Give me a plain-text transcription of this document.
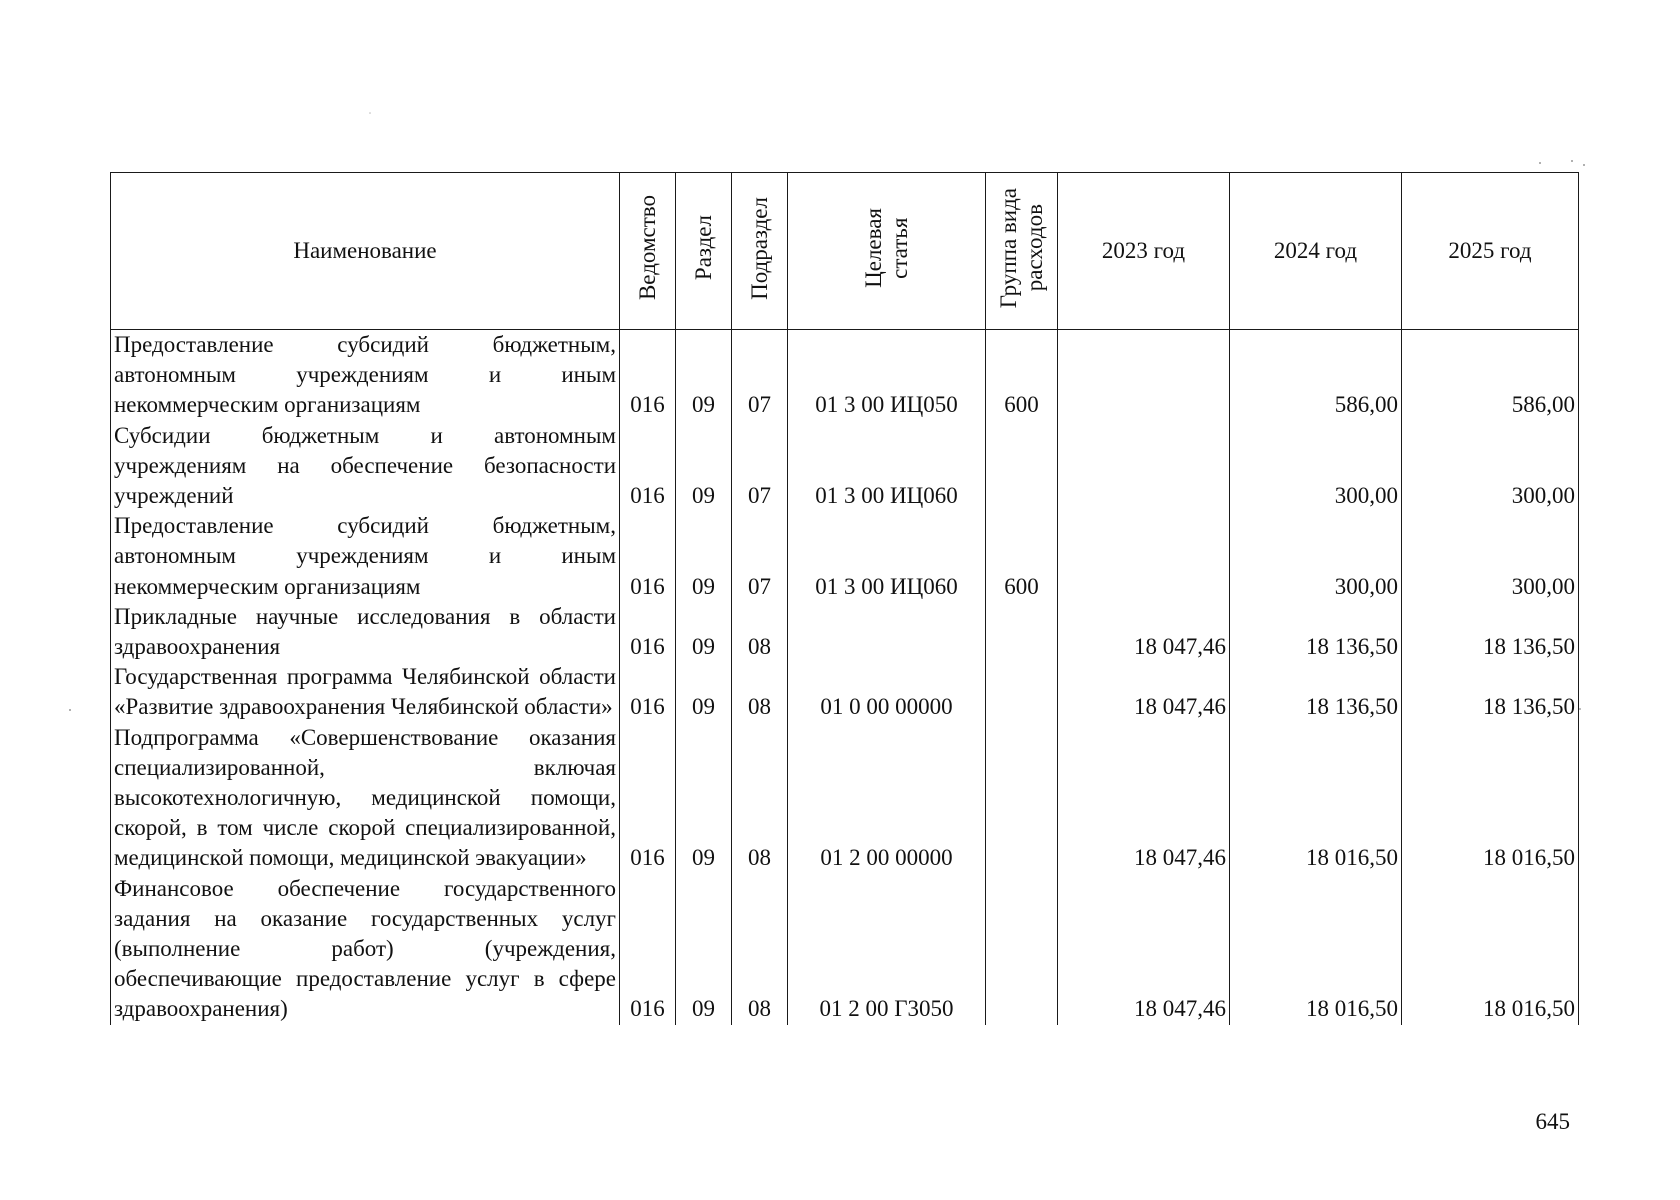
Наименование	Ведомство	Раздел	Подраздел	Целевая
статья	Группа вида
расходов	2023 год	2024 год	2025 год
Предоставление субсидий бюджетным, автономным учреждениям и иным некоммерческим организациям	016	09	07	01 3 00 ИЦ050	600		586,00	586,00
Субсидии бюджетным и автономным учреждениям на обеспечение безопасности учреждений	016	09	07	01 3 00 ИЦ060			300,00	300,00
Предоставление субсидий бюджетным, автономным учреждениям и иным некоммерческим организациям	016	09	07	01 3 00 ИЦ060	600		300,00	300,00
Прикладные научные исследования в области здравоохранения	016	09	08			18 047,46	18 136,50	18 136,50
Государственная программа Челябинской области «Развитие здравоохранения Челябинской области»	016	09	08	01 0 00 00000		18 047,46	18 136,50	18 136,50
Подпрограмма «Совершенствование оказания специализированной, включая высокотехнологичную, медицинской помощи, скорой, в том числе скорой специализированной, медицинской помощи, медицинской эвакуации»	016	09	08	01 2 00 00000		18 047,46	18 016,50	18 016,50
Финансовое обеспечение государственного задания на оказание государственных услуг (выполнение работ) (учреждения, обеспечивающие предоставление услуг в сфере здравоохранения)	016	09	08	01 2 00 Г3050		18 047,46	18 016,50	18 016,50
645
